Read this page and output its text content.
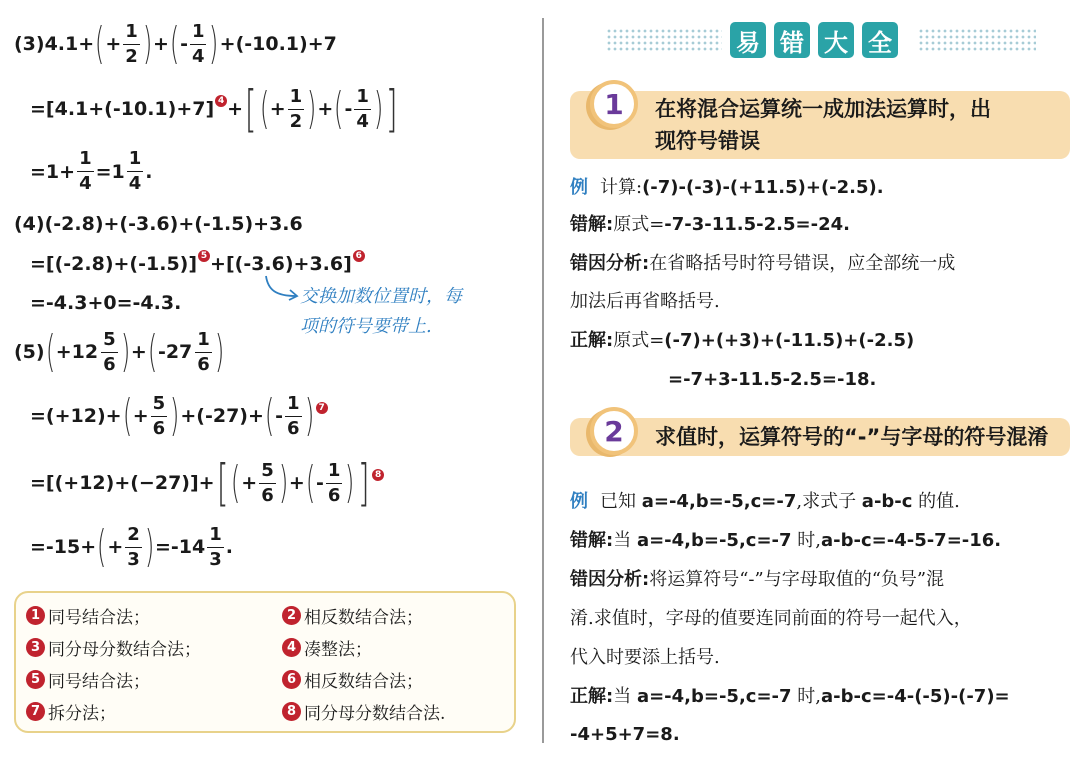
(3)4.1+ ( + $\frac{1}{2}$ ) + ( - $\frac{1}{4}$ ) +(-10.1)+7
=[4.1+(-10.1)+7] 4 + [ ( + $\frac{1}{2}$ ) + ( - $\frac{1}{4}$ ) ]
$=1+ \frac{1}{4} =1 \frac{1}{4}$ .
(4)(-2.8)+(-3.6)+(-1.5)+3.6
=[(-2.8)+(-1.5)] 5 +[(-3.6)+3.6] 6
=-4.3+0=-4.3.	交换加数位置时，每
项的符号要带上.
(5) ( $+12 \frac{5}{6}$ ) + ( $-27 \frac{1}{6}$ )
=(+12)+ ( + $\frac{5}{6}$ ) +(-27)+ ( - $\frac{1}{6}$ ) 7
=[(+12)+(−27)]+ [ ( + $\frac{5}{6}$ ) + ( - $\frac{1}{6}$ ) ] 8
=-15+ ( + $\frac{2}{3}$ ) $=-14 \frac{1}{3}$ .
1 同号结合法；	2 相反数结合法；
3 同分母分数结合法；	4 凑整法；
5 同号结合法；	6 相反数结合法；
7 拆分法；	8 同分母分数结合法.
易 错 大 全
1 在将混合运算统一成加法运算时，出
现符号错误
例 计算:(-7)-(-3)-(+11.5)+(-2.5).
错解:原式=-7-3-11.5-2.5=-24.
错因分析:在省略括号时符号错误，应全部统一成
加法后再省略括号.
正解:原式=(-7)+(+3)+(-11.5)+(-2.5)
=-7+3-11.5-2.5=-18.
2 求值时，运算符号的“-”与字母的符号混淆
例 已知 a=-4,b=-5,c=-7,求式子 a-b-c 的值.
错解:当 a=-4,b=-5,c=-7 时,a-b-c=-4-5-7=-16.
错因分析:将运算符号“-”与字母取值的“负号”混
淆.求值时，字母的值要连同前面的符号一起代入，
代入时要添上括号.
正解:当 a=-4,b=-5,c=-7 时,a-b-c=-4-(-5)-(-7)=
-4+5+7=8.
